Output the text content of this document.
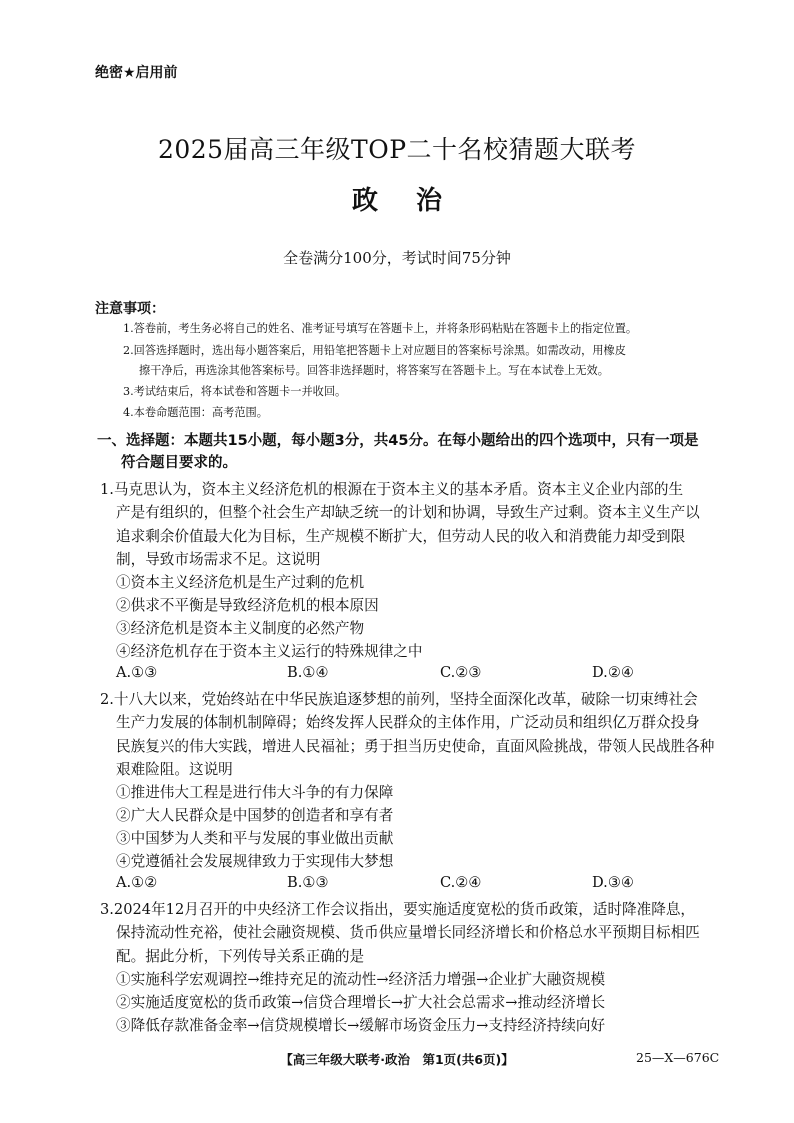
绝密★启用前
2025届高三年级TOP二十名校猜题大联考
政治
全卷满分100分，考试时间75分钟
注意事项：
1.答卷前，考生务必将自己的姓名、准考证号填写在答题卡上，并将条形码粘贴在答题卡上的指定位置。
2.回答选择题时，选出每小题答案后，用铅笔把答题卡上对应题目的答案标号涂黑。如需改动，用橡皮
擦干净后，再选涂其他答案标号。回答非选择题时，将答案写在答题卡上。写在本试卷上无效。
3.考试结束后，将本试卷和答题卡一并收回。
4.本卷命题范围：高考范围。
一、选择题：本题共15小题，每小题3分，共45分。在每小题给出的四个选项中，只有一项是
符合题目要求的。
1.马克思认为，资本主义经济危机的根源在于资本主义的基本矛盾。资本主义企业内部的生
产是有组织的，但整个社会生产却缺乏统一的计划和协调，导致生产过剩。资本主义生产以
追求剩余价值最大化为目标，生产规模不断扩大，但劳动人民的收入和消费能力却受到限
制，导致市场需求不足。这说明
①资本主义经济危机是生产过剩的危机
②供求不平衡是导致经济危机的根本原因
③经济危机是资本主义制度的必然产物
④经济危机存在于资本主义运行的特殊规律之中
A.①③	B.①④	C.②③	D.②④
2.十八大以来，党始终站在中华民族追逐梦想的前列，坚持全面深化改革，破除一切束缚社会
生产力发展的体制机制障碍；始终发挥人民群众的主体作用，广泛动员和组织亿万群众投身
民族复兴的伟大实践，增进人民福祉；勇于担当历史使命，直面风险挑战，带领人民战胜各种
艰难险阻。这说明
①推进伟大工程是进行伟大斗争的有力保障
②广大人民群众是中国梦的创造者和享有者
③中国梦为人类和平与发展的事业做出贡献
④党遵循社会发展规律致力于实现伟大梦想
A.①②	B.①③	C.②④	D.③④
3.2024年12月召开的中央经济工作会议指出，要实施适度宽松的货币政策，适时降准降息，
保持流动性充裕，使社会融资规模、货币供应量增长同经济增长和价格总水平预期目标相匹
配。据此分析，下列传导关系正确的是
①实施科学宏观调控→维持充足的流动性→经济活力增强→企业扩大融资规模
②实施适度宽松的货币政策→信贷合理增长→扩大社会总需求→推动经济增长
③降低存款准备金率→信贷规模增长→缓解市场资金压力→支持经济持续向好
【高三年级大联考·政治　第1页(共6页)】	25—X—676C
